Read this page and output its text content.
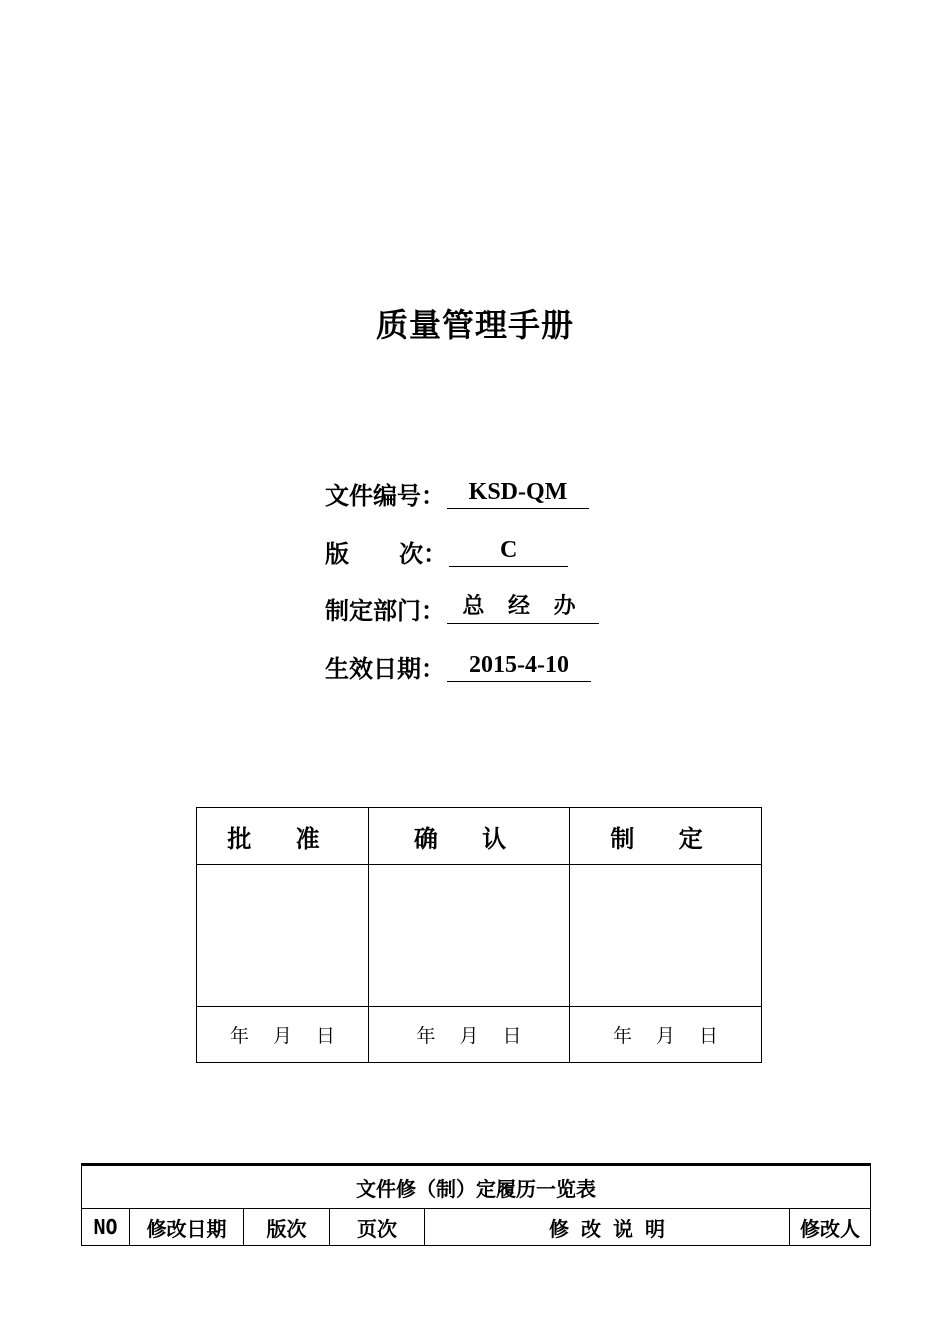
质量管理手册
文件编号： KSD-QM
版      次：	C
制定部门： 总 经 办
生效日期：	2015-4-10
批 准	确 认	制 定

年 月 日	年 月 日	年 月 日
文件修（制）定履历一览表
NO	修改日期	版次	页次	修 改 说 明	修改人
